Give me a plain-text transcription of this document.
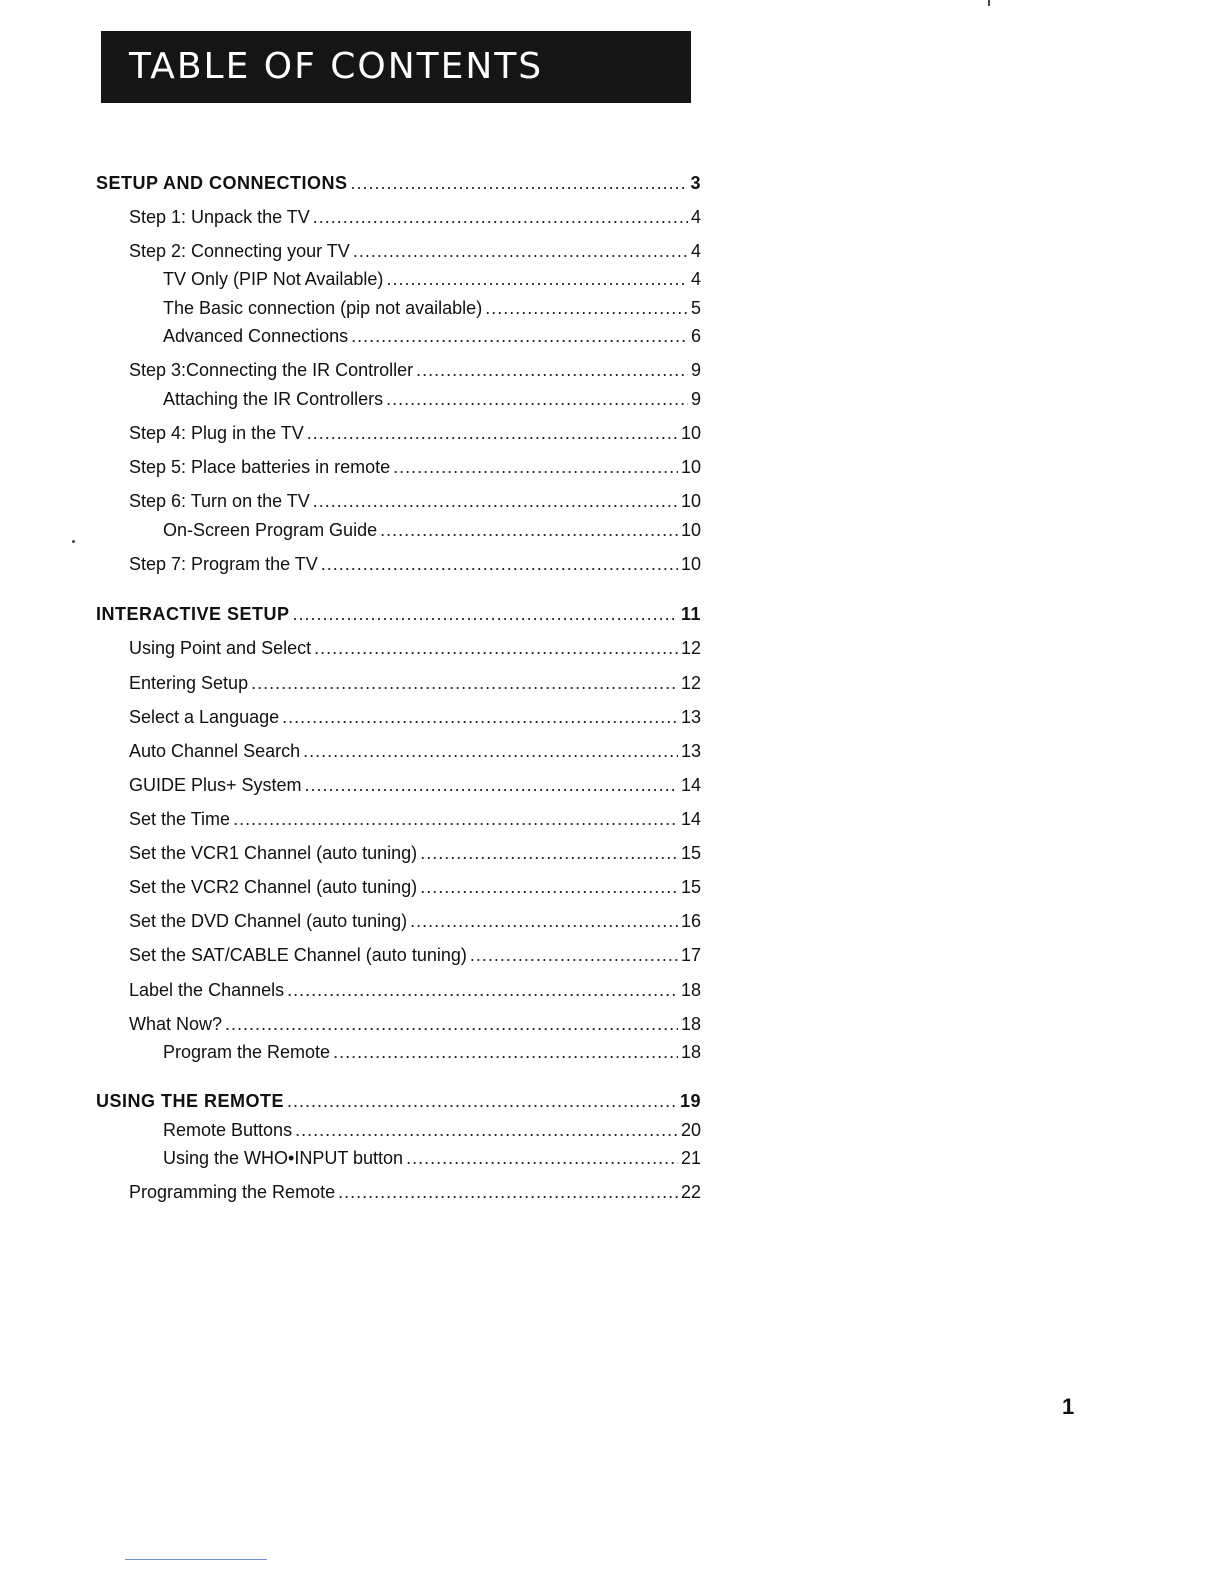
TABLE OF CONTENTS
SETUP AND CONNECTIONS .....	3
Step 1: Unpack the TV .....	4
Step 2: Connecting your TV .....	4
TV Only (PIP Not Available) .....	4
The Basic connection (pip not available) .....	5
Advanced Connections .....	6
Step 3:Connecting the IR Controller .....	9
Attaching the IR Controllers .....	9
Step 4: Plug in the TV .....	10
Step 5: Place batteries in remote .....	10
Step 6: Turn on the TV .....	10
On-Screen Program Guide .....	10
Step 7: Program the TV .....	10
INTERACTIVE SETUP .....	11
Using Point and Select .....	12
Entering Setup .....	12
Select a Language .....	13
Auto Channel Search .....	13
GUIDE Plus+ System .....	14
Set the Time .....	14
Set the VCR1 Channel (auto tuning) .....	15
Set the VCR2 Channel (auto tuning) .....	15
Set the DVD Channel (auto tuning) .....	16
Set the SAT/CABLE Channel (auto tuning) .....	17
Label the Channels .....	18
What Now? .....	18
Program the Remote .....	18
USING THE REMOTE .....	19
Remote Buttons .....	20
Using the WHO•INPUT button .....	21
Programming the Remote .....	22
1
